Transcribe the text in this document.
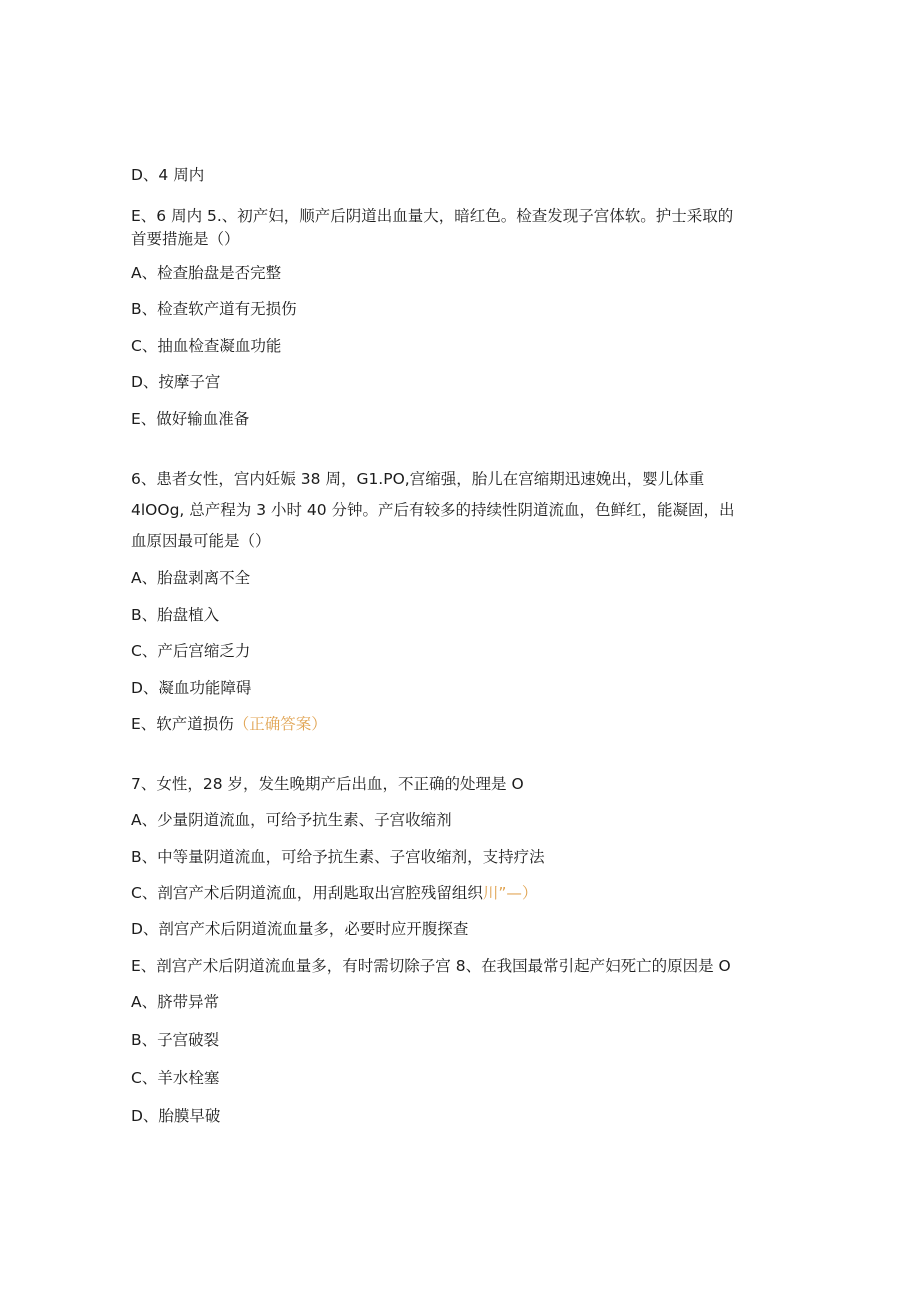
D、4 周内

E、6 周内 5.、初产妇，顺产后阴道出血量大，暗红色。检查发现子宫体软。护士采取的

首要措施是（）

A、检查胎盘是否完整

B、检查软产道有无损伤

C、抽血检查凝血功能

D、按摩子宫

E、做好输血准备

6、患者女性，宫内妊娠 38 周，G1.PO,宫缩强，胎儿在宫缩期迅速娩出，婴儿体重

4lOOg, 总产程为 3 小时 40 分钟。产后有较多的持续性阴道流血，色鲜红，能凝固，出

血原因最可能是（）

A、胎盘剥离不全

B、胎盘植入

C、产后宫缩乏力

D、凝血功能障碍

E、软产道损伤（正确答案）

7、女性，28 岁，发生晚期产后出血，不正确的处理是 O

A、少量阴道流血，可给予抗生素、子宫收缩剂

B、中等量阴道流血，可给予抗生素、子宫收缩剂，支持疗法

C、剖宫产术后阴道流血，用刮匙取出宫腔残留组织川”—）

D、剖宫产术后阴道流血量多，必要时应开腹探查

E、剖宫产术后阴道流血量多，有时需切除子宫 8、在我国最常引起产妇死亡的原因是 O

A、脐带异常

B、子宫破裂

C、羊水栓塞

D、胎膜早破
